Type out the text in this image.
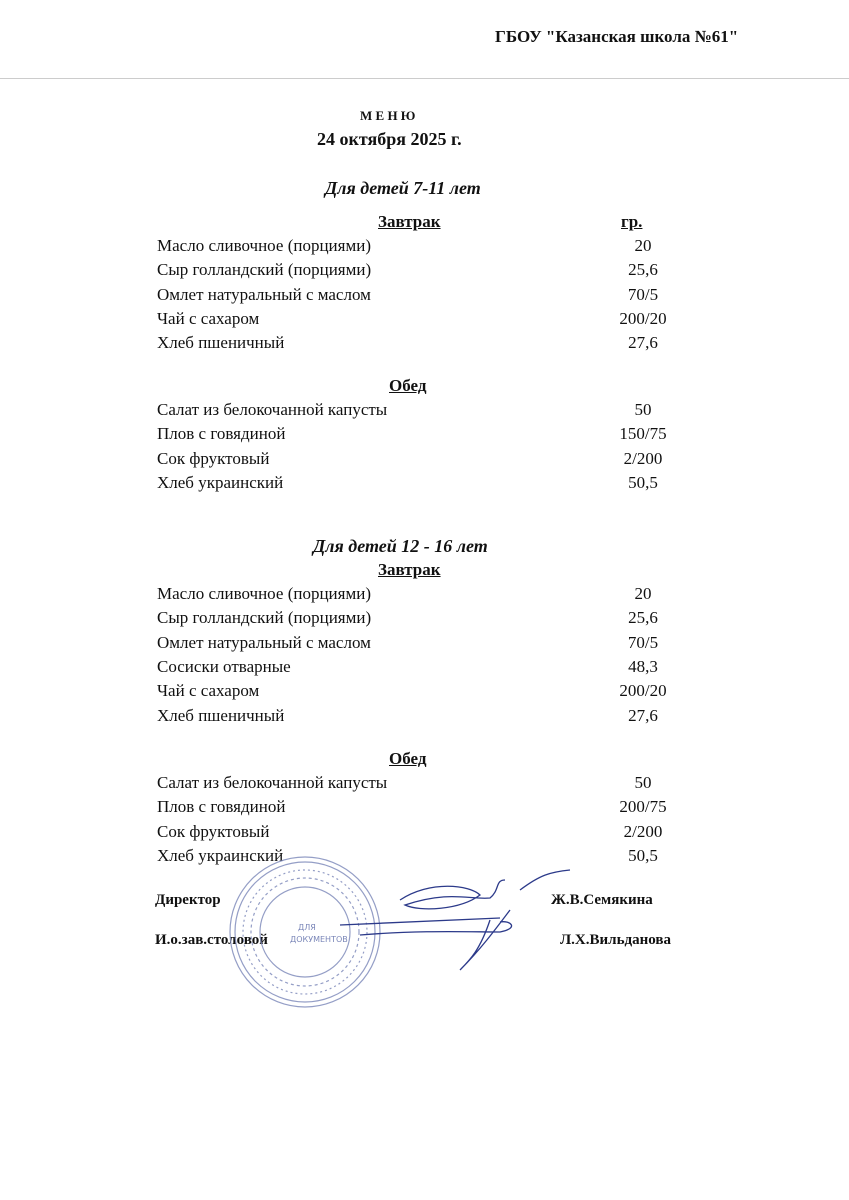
ГБОУ "Казанская школа №61"
М Е Н Ю
24 октября 2025 г.
Для детей 7-11 лет
Завтрак	гр.
Масло сливочное (порциями)	20
Сыр голландский (порциями)	25,6
Омлет натуральный с маслом	70/5
Чай с сахаром	200/20
Хлеб пшеничный	27,6
Обед
Салат из белокочанной капусты	50
Плов с говядиной	150/75
Сок фруктовый	2/200
Хлеб украинский	50,5
Для детей 12 - 16 лет
Завтрак
Масло сливочное (порциями)	20
Сыр голландский (порциями)	25,6
Омлет натуральный с маслом	70/5
Сосиски отварные	48,3
Чай с сахаром	200/20
Хлеб пшеничный	27,6
Обед
Салат из белокочанной капусты	50
Плов с говядиной	200/75
Сок фруктовый	2/200
Хлеб украинский	50,5
Директор	Ж.В.Семякина
И.о.зав.столовой	Л.Х.Вильданова
ДЛЯ
ДОКУМЕНТОВ
